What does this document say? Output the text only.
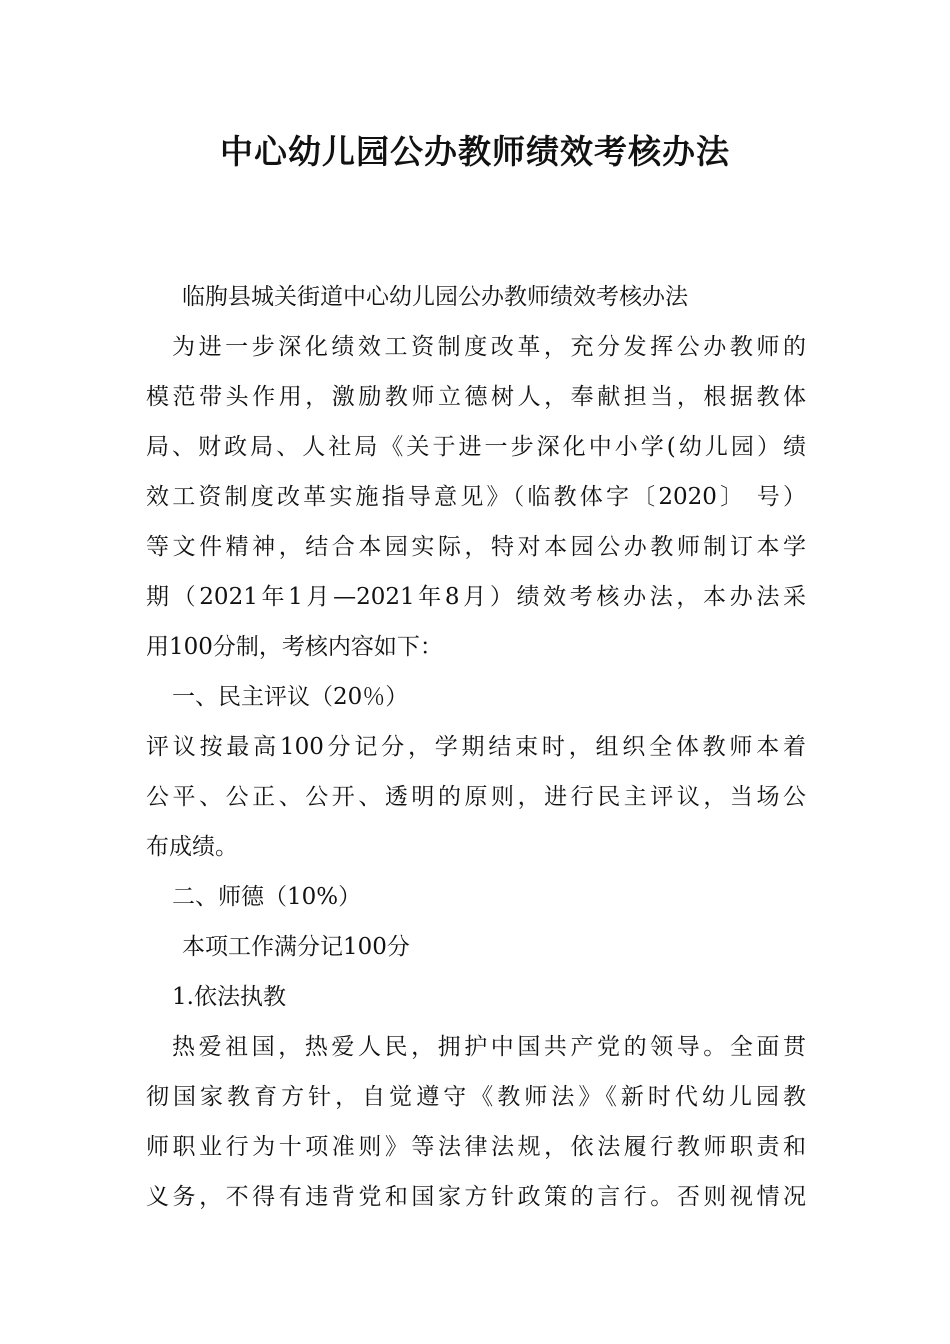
中心幼儿园公办教师绩效考核办法
临朐县城关街道中心幼儿园公办教师绩效考核办法
为进一步深化绩效工资制度改革，充分发挥公办教师的
模范带头作用，激励教师立德树人，奉献担当，根据教体
局、财政局、人社局《关于进一步深化中小学(幼儿园）绩
效工资制度改革实施指导意见》（临教体字〔2020〕 号）
等文件精神，结合本园实际，特对本园公办教师制订本学
期（2021年1月—2021年8月）绩效考核办法，本办法采
用100分制，考核内容如下：
一、民主评议（20％）
评议按最高100分记分，学期结束时，组织全体教师本着
公平、公正、公开、透明的原则，进行民主评议，当场公
布成绩。
二、师德（10%）
本项工作满分记100分
1.依法执教
热爱祖国，热爱人民，拥护中国共产党的领导。全面贯
彻国家教育方针，自觉遵守《教师法》《新时代幼儿园教
师职业行为十项准则》等法律法规，依法履行教师职责和
义务，不得有违背党和国家方针政策的言行。否则视情况
